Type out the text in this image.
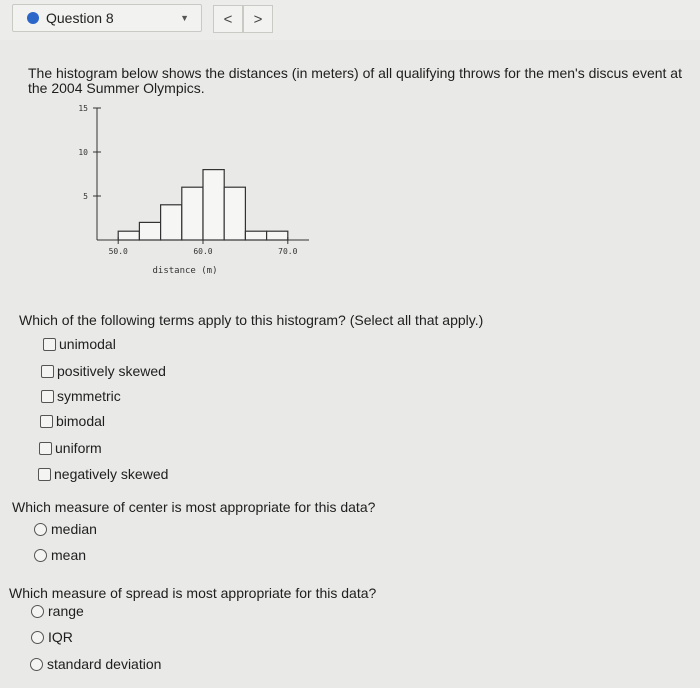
Question 8	▼	<	>
The histogram below shows the distances (in meters) of all qualifying throws for the men's discus event at the 2004 Summer Olympics.
5
10
15
50.0	60.0	70.0
distance (m)
Which of the following terms apply to this histogram? (Select all that apply.)
unimodal
positively skewed
symmetric
bimodal
uniform
negatively skewed
Which measure of center is most appropriate for this data?
median
mean
Which measure of spread is most appropriate for this data?
range
IQR
standard deviation
